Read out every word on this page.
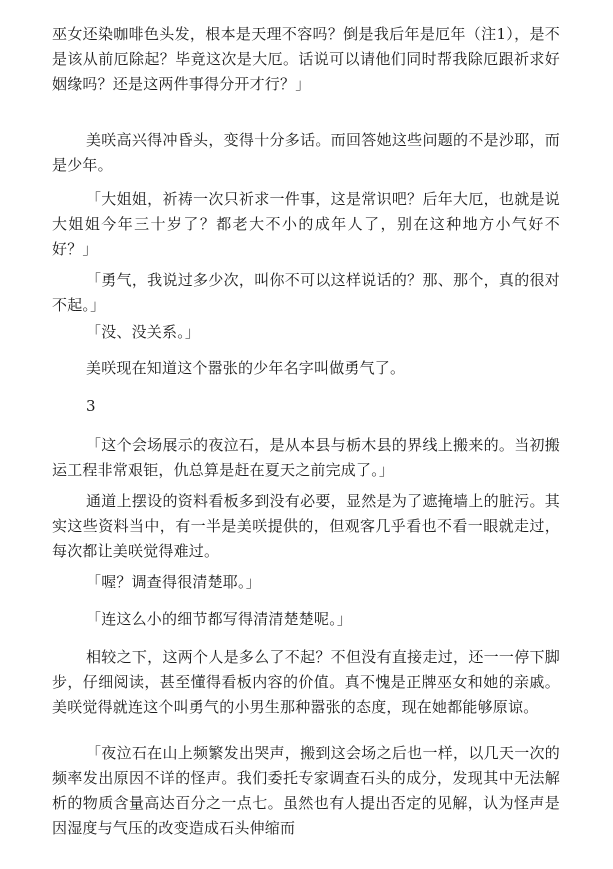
巫女还染咖啡色头发，根本是天理不容吗？倒是我后年是厄年（注1），是不是该从前厄除起？毕竟这次是大厄。话说可以请他们同时帮我除厄跟祈求好姻缘吗？还是这两件事得分开才行？」

美咲高兴得冲昏头，变得十分多话。而回答她这些问题的不是沙耶，而是少年。

「大姐姐，祈祷一次只祈求一件事，这是常识吧？后年大厄，也就是说大姐姐今年三十岁了？都老大不小的成年人了，别在这种地方小气好不好？」

「勇气，我说过多少次，叫你不可以这样说话的？那、那个，真的很对不起。」

「没、没关系。」

美咲现在知道这个嚣张的少年名字叫做勇气了。

3

「这个会场展示的夜泣石，是从本县与栃木县的界线上搬来的。当初搬运工程非常艰钜，仇总算是赶在夏天之前完成了。」

通道上摆设的资料看板多到没有必要，显然是为了遮掩墙上的脏污。其实这些资料当中，有一半是美咲提供的，但观客几乎看也不看一眼就走过，每次都让美咲觉得难过。

「喔？调查得很清楚耶。」

「连这么小的细节都写得清清楚楚呢。」

相较之下，这两个人是多么了不起？不但没有直接走过，还一一停下脚步，仔细阅读，甚至懂得看板内容的价值。真不愧是正牌巫女和她的亲戚。美咲觉得就连这个叫勇气的小男生那种嚣张的态度，现在她都能够原谅。

「夜泣石在山上频繁发出哭声，搬到这会场之后也一样，以几天一次的频率发出原因不详的怪声。我们委托专家调查石头的成分，发现其中无法解析的物质含量高达百分之一点七。虽然也有人提出否定的见解，认为怪声是因湿度与气压的改变造成石头伸缩而
